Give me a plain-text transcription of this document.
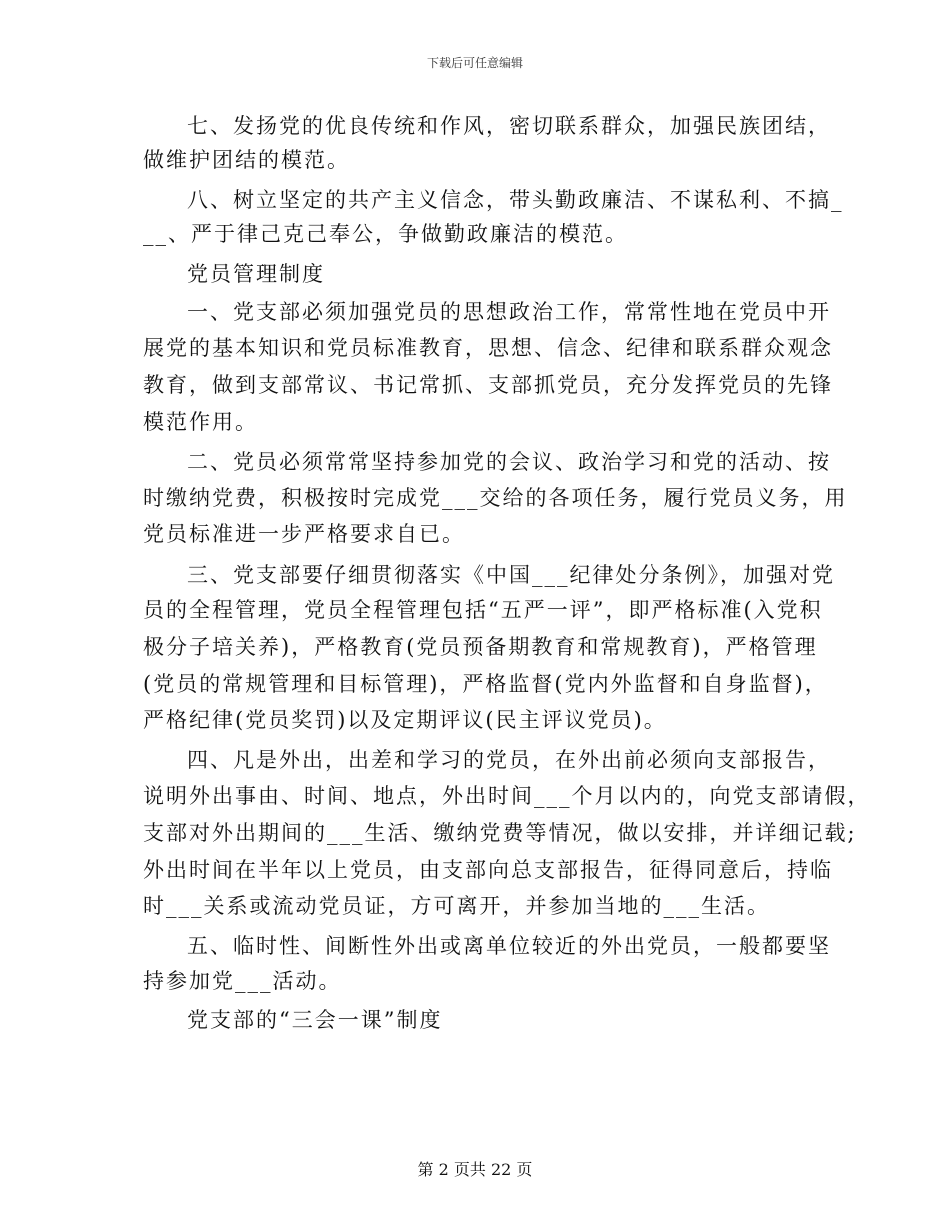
下载后可任意编辑
七、发扬党的优良传统和作风，密切联系群众，加强民族团结，
做维护团结的模范。
八、树立坚定的共产主义信念，带头勤政廉洁、不谋私利、不搞_
__、严于律己克己奉公，争做勤政廉洁的模范。
党员管理制度
一、党支部必须加强党员的思想政治工作，常常性地在党员中开
展党的基本知识和党员标准教育，思想、信念、纪律和联系群众观念
教育，做到支部常议、书记常抓、支部抓党员，充分发挥党员的先锋
模范作用。
二、党员必须常常坚持参加党的会议、政治学习和党的活动、按
时缴纳党费，积极按时完成党___交给的各项任务，履行党员义务，用
党员标准进一步严格要求自已。
三、党支部要仔细贯彻落实《中国___纪律处分条例》，加强对党
员的全程管理，党员全程管理包括“五严一评”，即严格标准(入党积
极分子培关养)，严格教育(党员预备期教育和常规教育)，严格管理
(党员的常规管理和目标管理)，严格监督(党内外监督和自身监督)，
严格纪律(党员奖罚)以及定期评议(民主评议党员)。
四、凡是外出，出差和学习的党员，在外出前必须向支部报告，
说明外出事由、时间、地点，外出时间___个月以内的，向党支部请假，
支部对外出期间的___生活、缴纳党费等情况，做以安排，并详细记载;
外出时间在半年以上党员，由支部向总支部报告，征得同意后，持临
时___关系或流动党员证，方可离开，并参加当地的___生活。
五、临时性、间断性外出或离单位较近的外出党员，一般都要坚
持参加党___活动。
党支部的“三会一课”制度
第 2 页共 22 页
